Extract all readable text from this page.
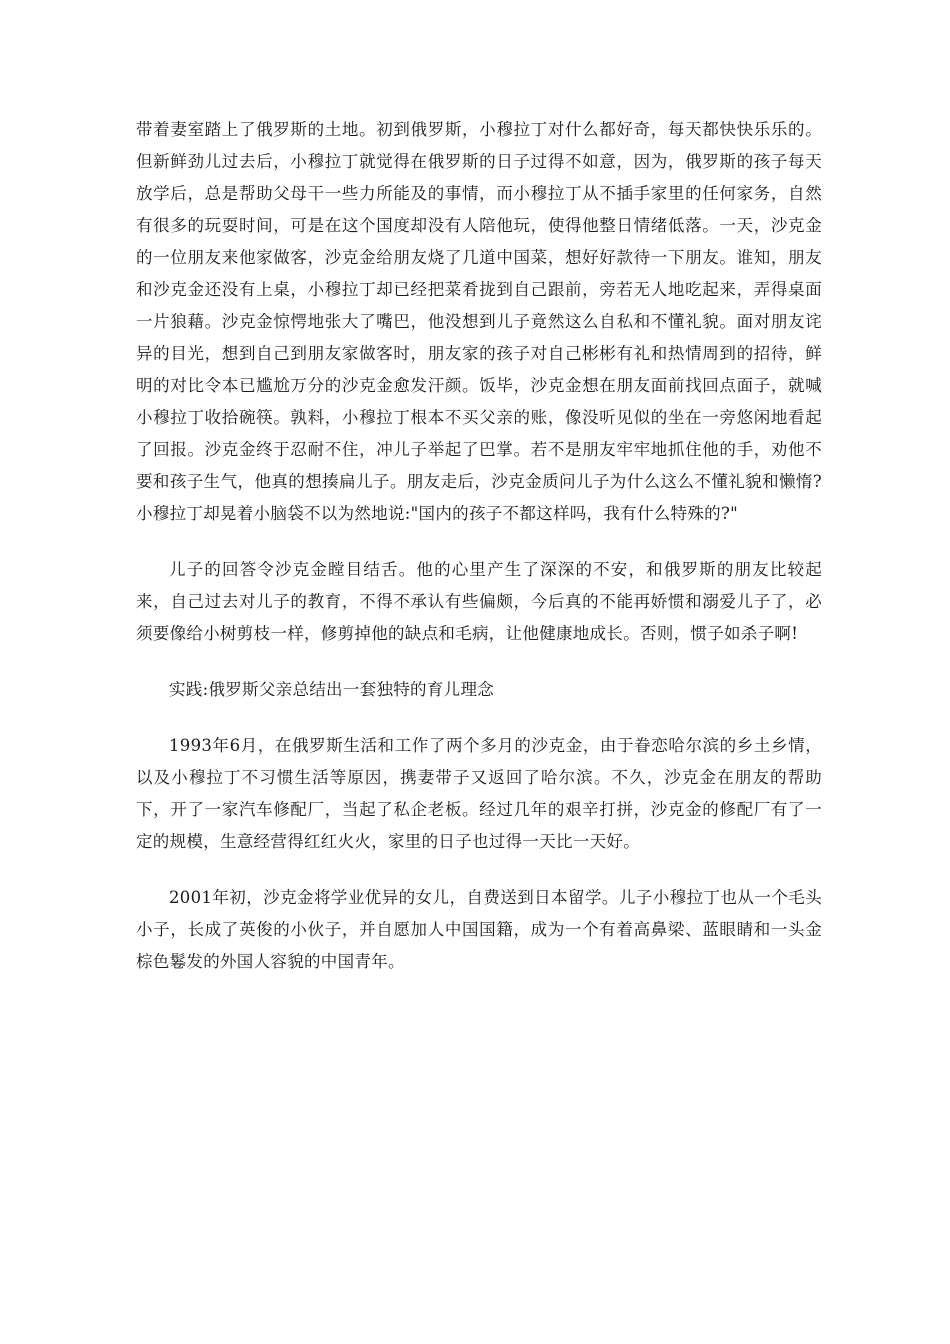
带着妻室踏上了俄罗斯的土地。初到俄罗斯，小穆拉丁对什么都好奇，每天都快快乐乐的。但新鲜劲儿过去后，小穆拉丁就觉得在俄罗斯的日子过得不如意，因为，俄罗斯的孩子每天放学后，总是帮助父母干一些力所能及的事情，而小穆拉丁从不插手家里的任何家务，自然有很多的玩耍时间，可是在这个国度却没有人陪他玩，使得他整日情绪低落。一天，沙克金的一位朋友来他家做客，沙克金给朋友烧了几道中国菜，想好好款待一下朋友。谁知，朋友和沙克金还没有上桌，小穆拉丁却已经把菜肴拢到自己跟前，旁若无人地吃起来，弄得桌面一片狼藉。沙克金惊愕地张大了嘴巴，他没想到儿子竟然这么自私和不懂礼貌。面对朋友诧异的目光，想到自己到朋友家做客时，朋友家的孩子对自己彬彬有礼和热情周到的招待，鲜明的对比令本已尴尬万分的沙克金愈发汗颜。饭毕，沙克金想在朋友面前找回点面子，就喊小穆拉丁收拾碗筷。孰料，小穆拉丁根本不买父亲的账，像没听见似的坐在一旁悠闲地看起了回报。沙克金终于忍耐不住，冲儿子举起了巴掌。若不是朋友牢牢地抓住他的手，劝他不要和孩子生气，他真的想揍扁儿子。朋友走后，沙克金质问儿子为什么这么不懂礼貌和懒惰?小穆拉丁却晃着小脑袋不以为然地说:"国内的孩子不都这样吗，我有什么特殊的?"

儿子的回答令沙克金瞠目结舌。他的心里产生了深深的不安，和俄罗斯的朋友比较起来，自己过去对儿子的教育，不得不承认有些偏颇，今后真的不能再娇惯和溺爱儿子了，必须要像给小树剪枝一样，修剪掉他的缺点和毛病，让他健康地成长。否则，惯子如杀子啊!

实践:俄罗斯父亲总结出一套独特的育儿理念

1993年6月，在俄罗斯生活和工作了两个多月的沙克金，由于眷恋哈尔滨的乡土乡情，以及小穆拉丁不习惯生活等原因，携妻带子又返回了哈尔滨。不久，沙克金在朋友的帮助下，开了一家汽车修配厂，当起了私企老板。经过几年的艰辛打拼，沙克金的修配厂有了一定的规模，生意经营得红红火火，家里的日子也过得一天比一天好。

2001年初，沙克金将学业优异的女儿，自费送到日本留学。儿子小穆拉丁也从一个毛头小子，长成了英俊的小伙子，并自愿加人中国国籍，成为一个有着高鼻梁、蓝眼睛和一头金棕色鬈发的外国人容貌的中国青年。
